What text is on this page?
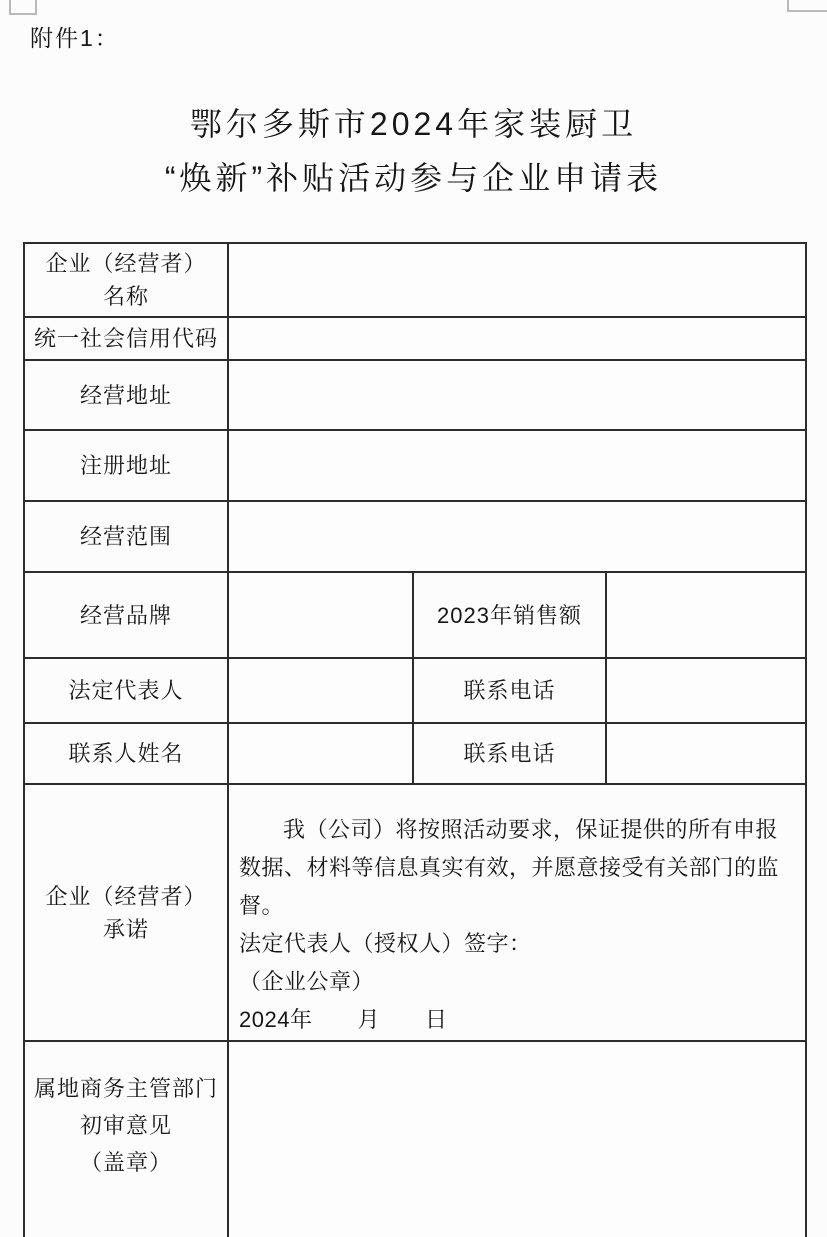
附件1：
鄂尔多斯市2024年家装厨卫
“焕新”补贴活动参与企业申请表
企业（经营者）
名称			

统一社会信用代码			
经营地址			
注册地址			
经营范围			
经营品牌		2023年销售额	
法定代表人		联系电话	
联系人姓名		联系电话	

企业（经营者）
承诺

我（公司）将按照活动要求，保证提供的所有申报数据、材料等信息真实有效，并愿意接受有关部门的监督。

法定代表人（授权人）签字：

（企业公章）

2024年　　月　　日

属地商务主管部门
初审意见
（盖章）			
